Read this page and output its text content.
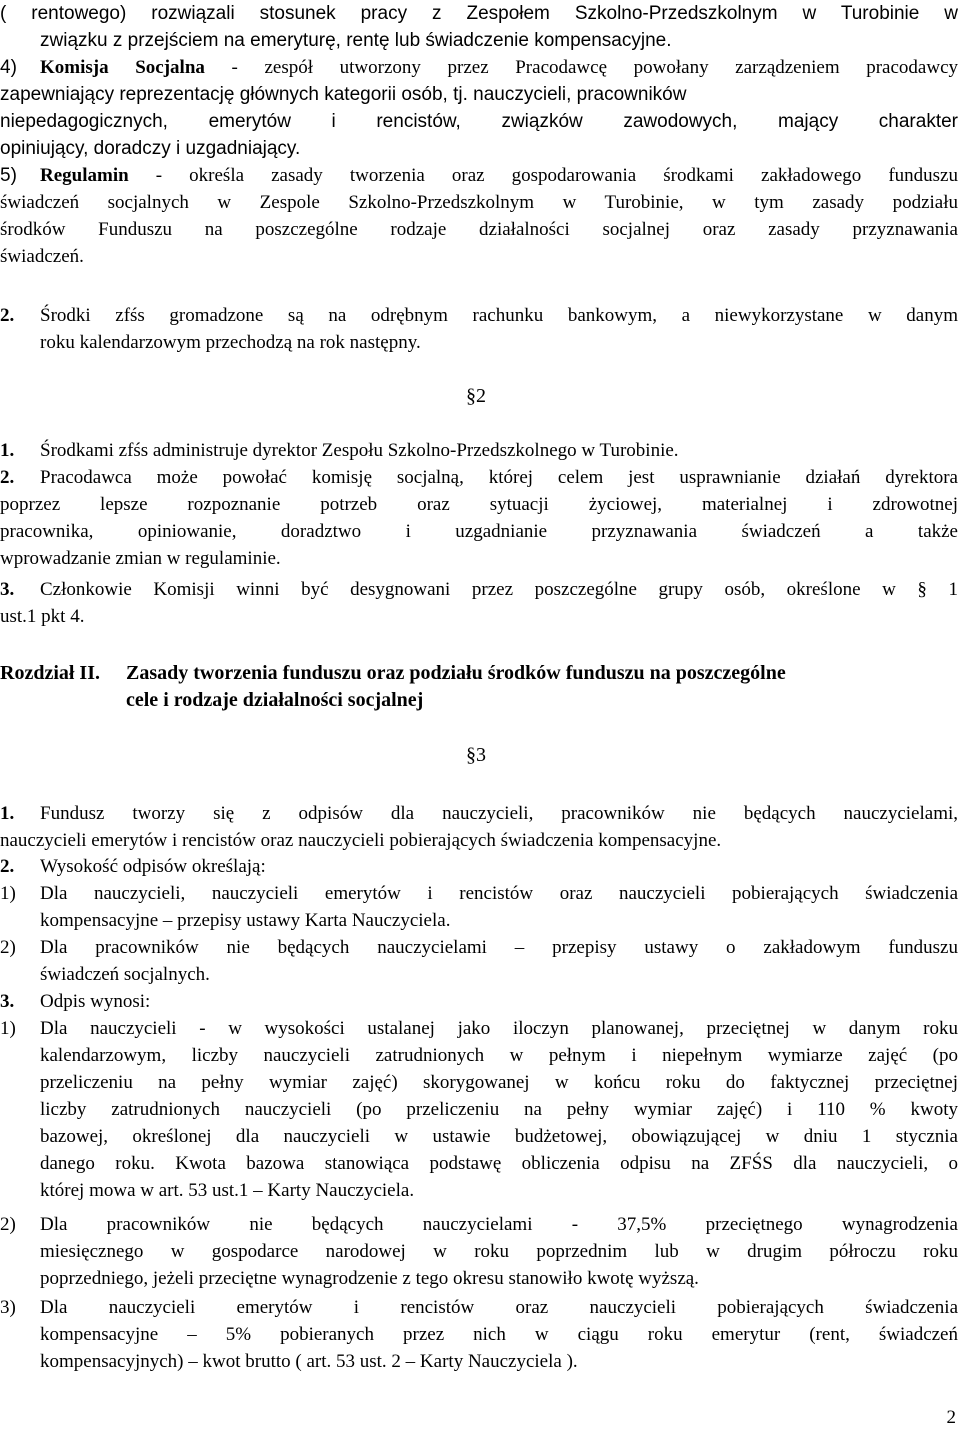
( rentowego) rozwiązali stosunek pracy z Zespołem Szkolno-Przedszkolnym w Turobinie w
związku z przejściem na emeryturę, rentę lub świadczenie kompensacyjne.
4)	Komisja Socjalna - zespół utworzony przez Pracodawcę powołany zarządzeniem pracodawcy
zapewniający reprezentację głównych kategorii osób, tj. nauczycieli, pracowników
niepedagogicznych, emerytów i rencistów, związków zawodowych, mający charakter
opiniujący, doradczy i uzgadniający.
5)	Regulamin - określa zasady tworzenia oraz gospodarowania środkami zakładowego funduszu
świadczeń socjalnych w Zespole Szkolno-Przedszkolnym w Turobinie, w tym zasady podziału
środków Funduszu na poszczególne rodzaje działalności socjalnej oraz zasady przyznawania
świadczeń.
2.	Środki zfśs gromadzone są na odrębnym rachunku bankowym, a niewykorzystane w danym
roku kalendarzowym przechodzą na rok następny.
§2
1.	Środkami zfśs administruje dyrektor Zespołu Szkolno-Przedszkolnego w Turobinie.
2.	Pracodawca może powołać komisję socjalną, której celem jest usprawnianie działań dyrektora
poprzez lepsze rozpoznanie potrzeb oraz sytuacji życiowej, materialnej i zdrowotnej
pracownika, opiniowanie, doradztwo i uzgadnianie przyznawania świadczeń a także
wprowadzanie zmian w regulaminie.
3.	Członkowie Komisji winni być desygnowani przez poszczególne grupy osób, określone w § 1
ust.1 pkt 4.
Rozdział II.	Zasady tworzenia funduszu oraz podziału środków funduszu na poszczególne
cele i rodzaje działalności socjalnej
§3
1.	Fundusz tworzy się z odpisów dla nauczycieli, pracowników nie będących nauczycielami,
nauczycieli emerytów i rencistów oraz nauczycieli pobierających świadczenia kompensacyjne.
2.	Wysokość odpisów określają:
1)	Dla nauczycieli, nauczycieli emerytów i rencistów oraz nauczycieli pobierających świadczenia
kompensacyjne – przepisy ustawy Karta Nauczyciela.
2)	Dla pracowników nie będących nauczycielami – przepisy ustawy o zakładowym funduszu
świadczeń socjalnych.
3.	Odpis wynosi:
1)	Dla nauczycieli - w wysokości ustalanej jako iloczyn planowanej, przeciętnej w danym roku
kalendarzowym, liczby nauczycieli zatrudnionych w pełnym i niepełnym wymiarze zajęć (po
przeliczeniu na pełny wymiar zajęć) skorygowanej w końcu roku do faktycznej przeciętnej
liczby zatrudnionych nauczycieli (po przeliczeniu na pełny wymiar zajęć) i 110 % kwoty
bazowej, określonej dla nauczycieli w ustawie budżetowej, obowiązującej w dniu 1 stycznia
danego roku. Kwota bazowa stanowiąca podstawę obliczenia odpisu na ZFŚS dla nauczycieli, o
której mowa w art. 53 ust.1 – Karty Nauczyciela.
2)	Dla pracowników nie będących nauczycielami - 37,5% przeciętnego wynagrodzenia
miesięcznego w gospodarce narodowej w roku poprzednim lub w drugim półroczu roku
poprzedniego, jeżeli przeciętne wynagrodzenie z tego okresu stanowiło kwotę wyższą.
3)	Dla nauczycieli emerytów i rencistów oraz nauczycieli pobierających świadczenia
kompensacyjne – 5% pobieranych przez nich w ciągu roku emerytur (rent, świadczeń
kompensacyjnych) – kwot brutto ( art. 53 ust. 2 – Karty Nauczyciela ).
2
